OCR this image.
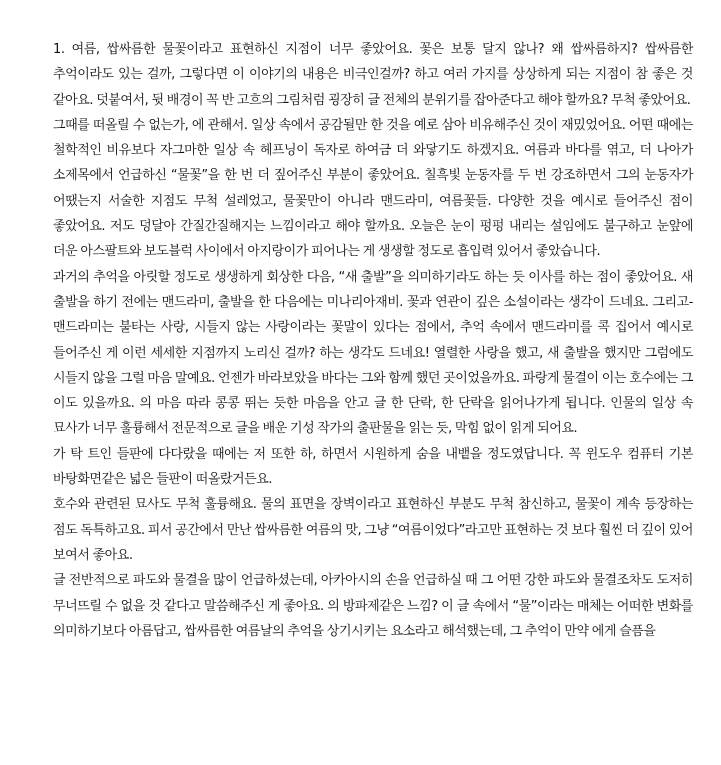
1. 여름, 쌉싸름한 물꽃이라고 표현하신 지점이 너무 좋았어요. 꽃은 보통 달지 않나? 왜 쌉싸름하지? 쌉싸름한 추억이라도 있는 걸까, 그렇다면 이 이야기의 내용은 비극인걸까? 하고 여러 가지를 상상하게 되는 지점이 참 좋은 것 같아요. 덧붙여서, 뒷 배경이 꼭 반 고흐의 그림처럼 굉장히 글 전체의 분위기를 잡아준다고 해야 할까요? 무척 좋았어요.

그때를 떠올릴 수 없는가, 에 관해서. 일상 속에서 공감될만 한 것을 예로 삼아 비유해주신 것이 재밌었어요. 어떤 때에는 철학적인 비유보다 자그마한 일상 속 헤프닝이 독자로 하여금 더 와닿기도 하겠지요. 여름과 바다를 엮고, 더 나아가 소제목에서 언급하신 “물꽃”을 한 번 더 짚어주신 부분이 좋았어요. 칠흑빛 눈동자를 두 번 강조하면서 그의 눈동자가 어땠는지 서술한 지점도 무척 설레었고, 물꽃만이 아니라 맨드라미, 여름꽃들. 다양한 것을 예시로 들어주신 점이 좋았어요. 저도 덩달아 간질간질해지는 느낌이라고 해야 할까요. 오늘은 눈이 펑펑 내리는 설임에도 불구하고 눈앞에 더운 아스팔트와 보도블럭 사이에서 아지랑이가 피어나는 게 생생할 정도로 흡입력 있어서 좋았습니다.

과거의 추억을 아릿할 정도로 생생하게 회상한 다음, “새 출발”을 의미하기라도 하는 듯 이사를 하는 점이 좋았어요. 새 출발을 하기 전에는 맨드라미, 출발을 한 다음에는 미나리아재비. 꽃과 연관이 깊은 소설이라는 생각이 드네요. 그리고- 맨드라미는 불타는 사랑, 시들지 않는 사랑이라는 꽃말이 있다는 점에서, 추억 속에서 맨드라미를 콕 집어서 예시로 들어주신 게 이런 세세한 지점까지 노리신 걸까? 하는 생각도 드네요! 열렬한 사랑을 했고, 새 출발을 했지만 그럼에도 시들지 않을 그럴 마음 말예요. 언젠가 바라보았을 바다는 그와 함께 했던 곳이었을까요. 파랑게 물결이 이는 호수에는 그 이도 있을까요. 의 마음 따라 콩콩 뛰는 듯한 마음을 안고 글 한 단락, 한 단락을 읽어나가게 됩니다. 인물의 일상 속 묘사가 너무 훌륭해서 전문적으로 글을 배운 기성 작가의 출판물을 읽는 듯, 막힘 없이 읽게 되어요.

가 탁 트인 들판에 다다랐을 때에는 저 또한 하, 하면서 시원하게 숨을 내뱉을 정도였답니다. 꼭 윈도우 컴퓨터 기본 바탕화면같은 넓은 들판이 떠올랐거든요.

호수와 관련된 묘사도 무척 훌륭해요. 물의 표면을 장벽이라고 표현하신 부분도 무척 참신하고, 물꽃이 계속 등장하는 점도 독특하고요. 피서 공간에서 만난 쌉싸름한 여름의 맛, 그냥 “여름이었다”라고만 표현하는 것 보다 훨씬 더 깊이 있어 보여서 좋아요.

글 전반적으로 파도와 물결을 많이 언급하셨는데, 아카아시의 손을 언급하실 때 그 어떤 강한 파도와 물결조차도 도저히 무너뜨릴 수 없을 것 같다고 말씀해주신 게 좋아요. 의 방파제같은 느낌? 이 글 속에서 “물”이라는 매체는 어떠한 변화를 의미하기보다 아름답고, 쌉싸름한 여름날의 추억을 상기시키는 요소라고 해석했는데, 그 추억이 만약 에게 슬픔을
